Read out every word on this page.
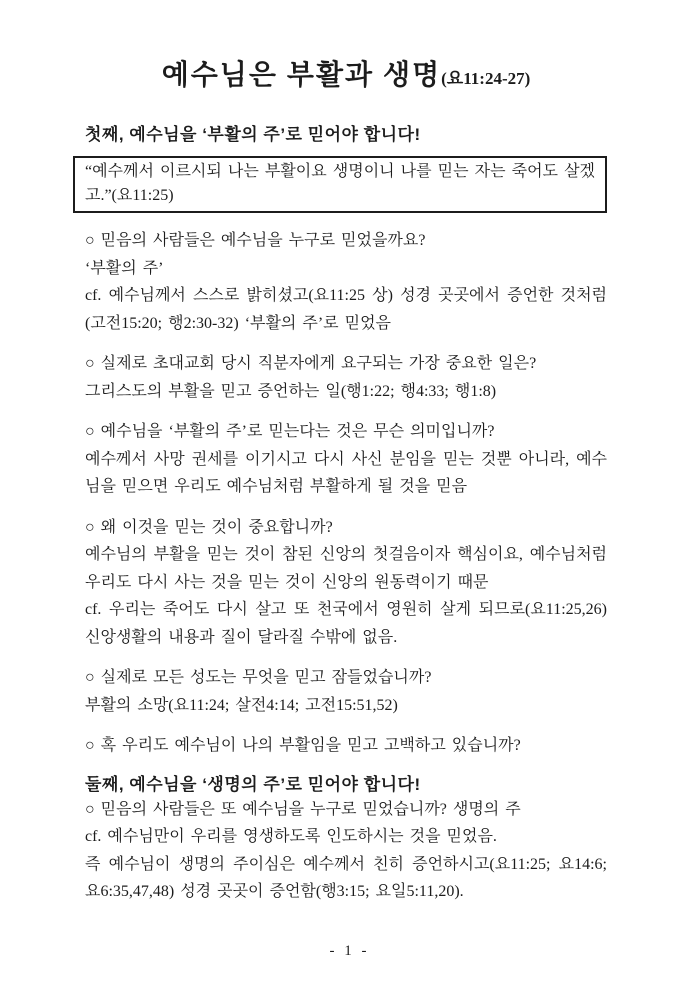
예수님은 부활과 생명(요11:24-27)
첫째, 예수님을 ‘부활의 주’로 믿어야 합니다!

“예수께서 이르시되 나는 부활이요 생명이니 나를 믿는 자는 죽어도 살겠고.”(요11:25)

○ 믿음의 사람들은 예수님을 누구로 믿었을까요?

‘부활의 주’

cf. 예수님께서 스스로 밝히셨고(요11:25 상) 성경 곳곳에서 증언한 것처럼(고전15:20; 행2:30-32) ‘부활의 주’로 믿었음

○ 실제로 초대교회 당시 직분자에게 요구되는 가장 중요한 일은?

그리스도의 부활을 믿고 증언하는 일(행1:22; 행4:33; 행1:8)

○ 예수님을 ‘부활의 주’로 믿는다는 것은 무슨 의미입니까?

예수께서 사망 권세를 이기시고 다시 사신 분임을 믿는 것뿐 아니라, 예수님을 믿으면 우리도 예수님처럼 부활하게 될 것을 믿음

○ 왜 이것을 믿는 것이 중요합니까?

예수님의 부활을 믿는 것이 참된 신앙의 첫걸음이자 핵심이요, 예수님처럼 우리도 다시 사는 것을 믿는 것이 신앙의 원동력이기 때문

cf. 우리는 죽어도 다시 살고 또 천국에서 영원히 살게 되므로(요11:25,26) 신앙생활의 내용과 질이 달라질 수밖에 없음.

○ 실제로 모든 성도는 무엇을 믿고 잠들었습니까?

부활의 소망(요11:24; 살전4:14; 고전15:51,52)

○ 혹 우리도 예수님이 나의 부활임을 믿고 고백하고 있습니까?

둘째, 예수님을 ‘생명의 주’로 믿어야 합니다!

○ 믿음의 사람들은 또 예수님을 누구로 믿었습니까? 생명의 주

cf. 예수님만이 우리를 영생하도록 인도하시는 것을 믿었음.

즉 예수님이 생명의 주이심은 예수께서 친히 증언하시고(요11:25; 요14:6; 요6:35,47,48) 성경 곳곳이 증언함(행3:15; 요일5:11,20).

- 1 -
